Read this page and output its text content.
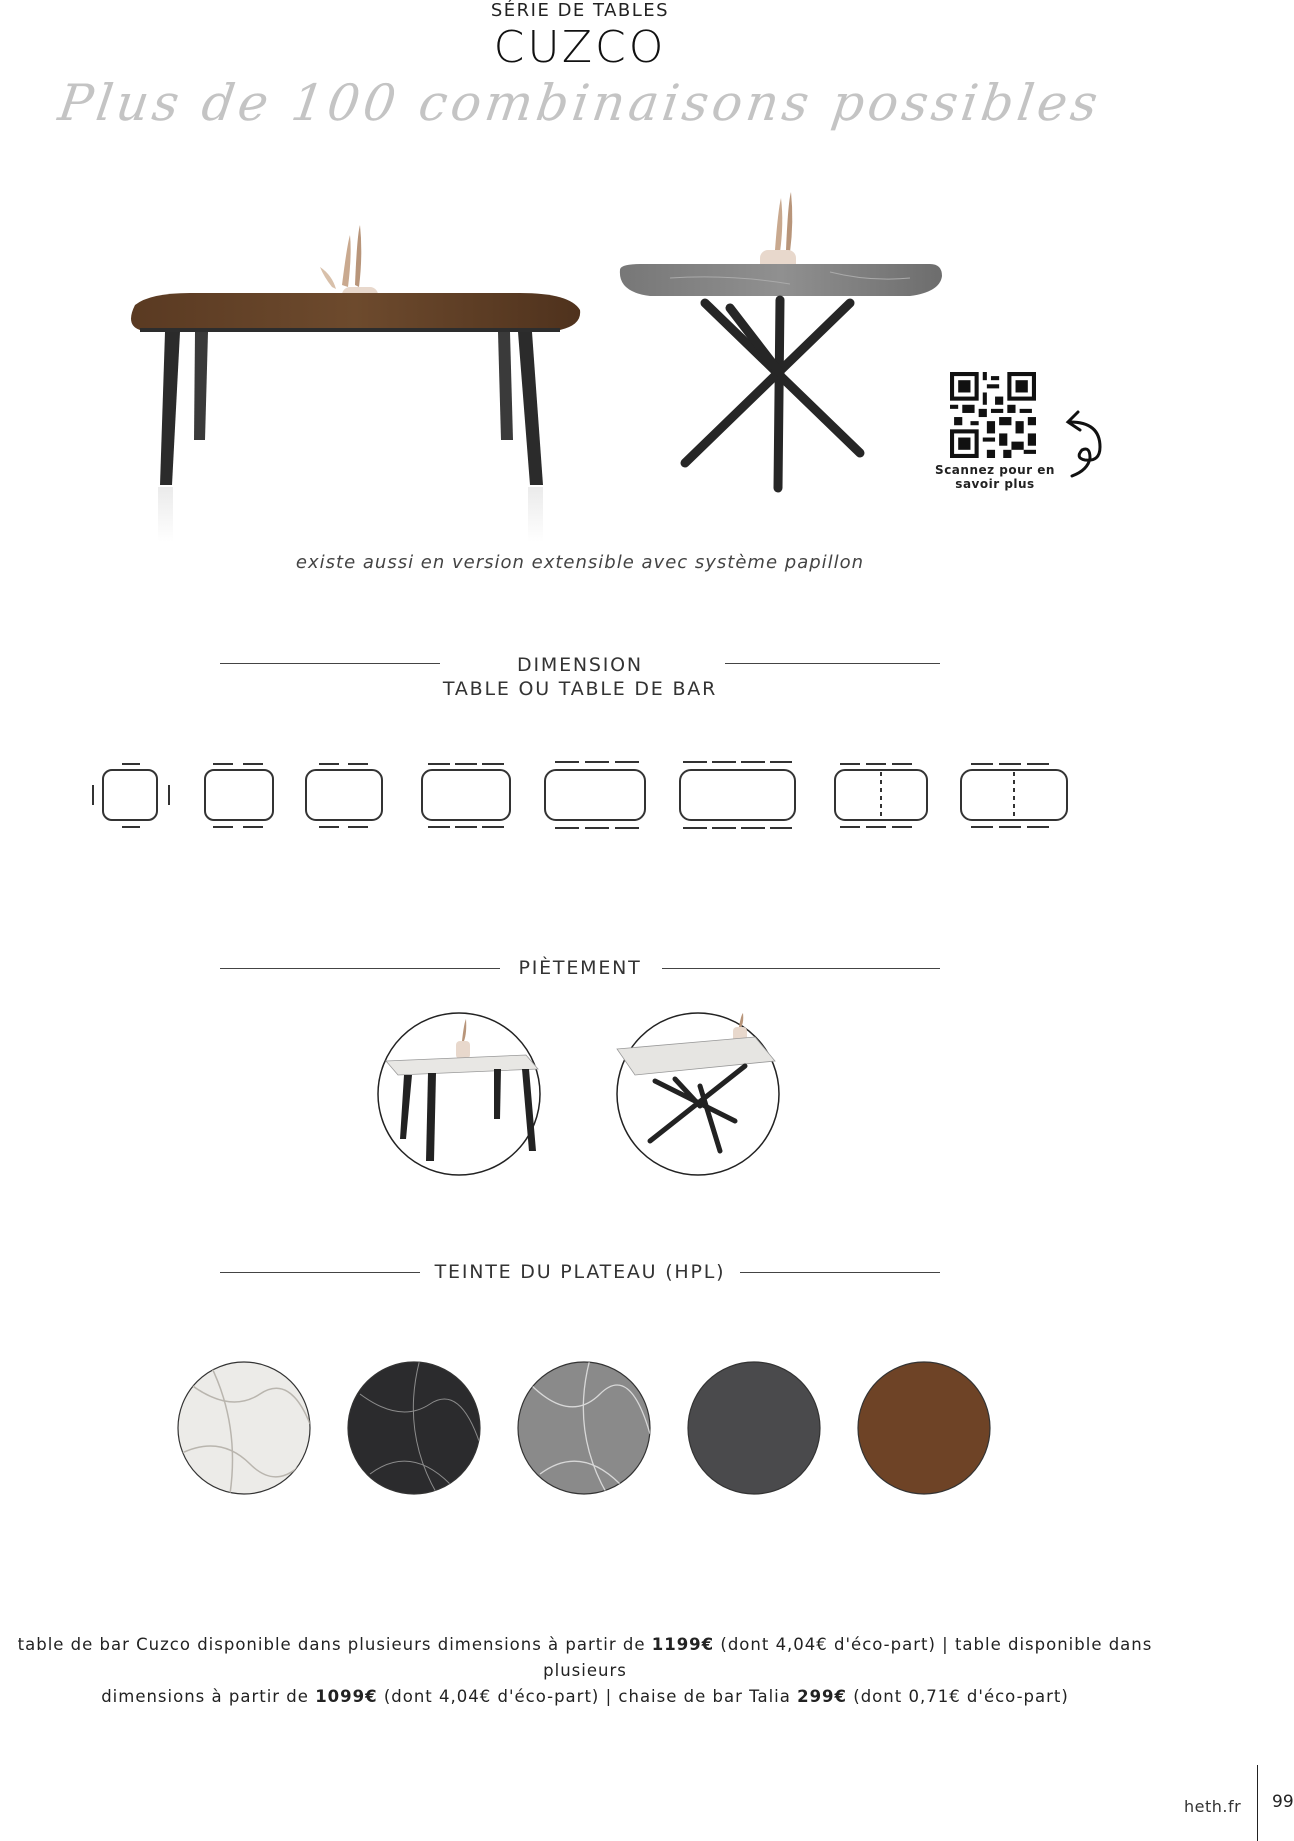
SÉRIE DE TABLES
CUZCO
Plus de 100 combinaisons possibles
Scannez pour en
savoir plus
existe aussi en version extensible avec système papillon
DIMENSION
TABLE OU TABLE DE BAR
PIÈTEMENT
TEINTE DU PLATEAU (HPL)
table de bar Cuzco disponible dans plusieurs dimensions à partir de 1199€ (dont 4,04€ d'éco-part) | table disponible dans plusieurs
dimensions à partir de 1099€ (dont 4,04€ d'éco-part) | chaise de bar Talia 299€ (dont 0,71€ d'éco-part)
heth.fr 99
